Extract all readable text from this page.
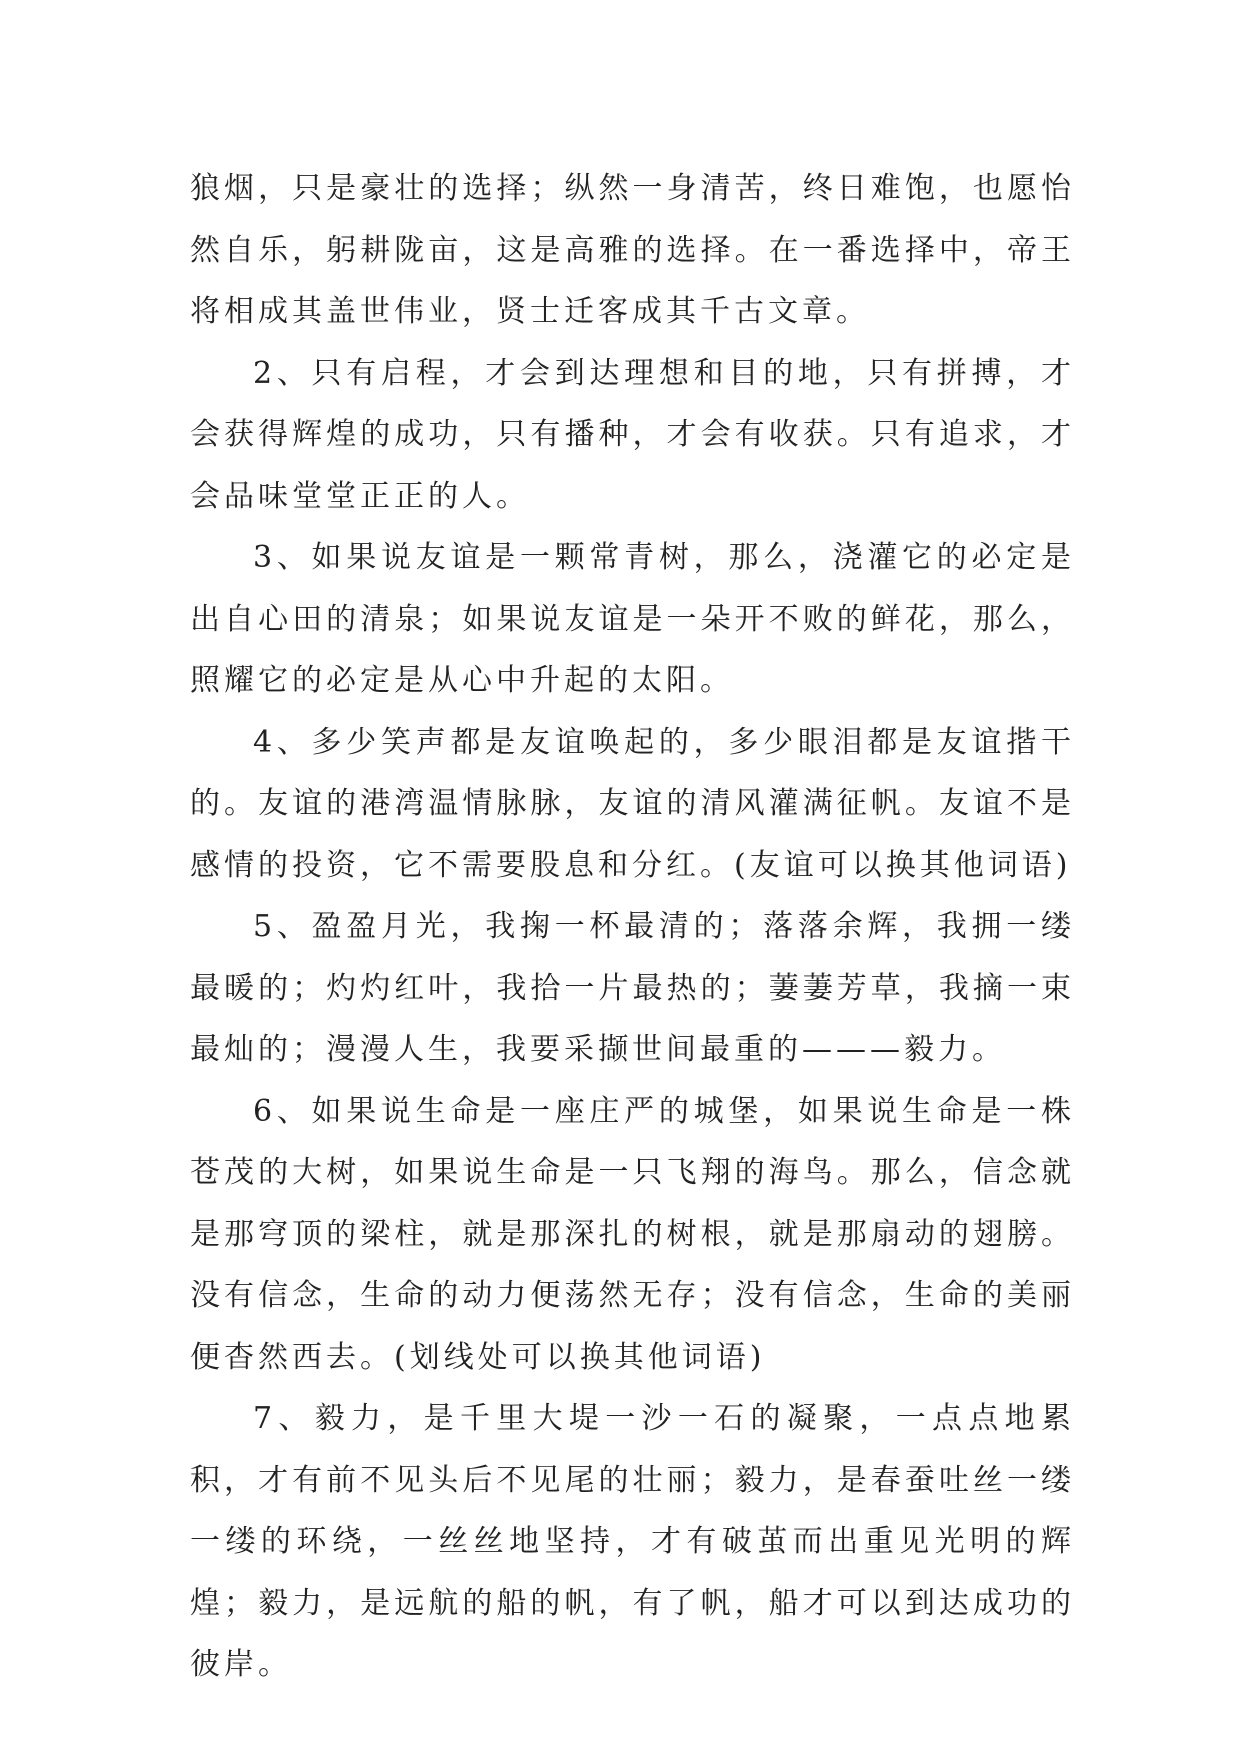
狼烟，只是豪壮的选择；纵然一身清苦，终日难饱，也愿怡然自乐，躬耕陇亩，这是高雅的选择。在一番选择中，帝王将相成其盖世伟业，贤士迁客成其千古文章。

2、只有启程，才会到达理想和目的地，只有拼搏，才会获得辉煌的成功，只有播种，才会有收获。只有追求，才会品味堂堂正正的人。

3、如果说友谊是一颗常青树，那么，浇灌它的必定是出自心田的清泉；如果说友谊是一朵开不败的鲜花，那么，照耀它的必定是从心中升起的太阳。

4、多少笑声都是友谊唤起的，多少眼泪都是友谊揩干的。友谊的港湾温情脉脉，友谊的清风灌满征帆。友谊不是感情的投资，它不需要股息和分红。(友谊可以换其他词语)

5、盈盈月光，我掬一杯最清的；落落余辉，我拥一缕最暖的；灼灼红叶，我拾一片最热的；萋萋芳草，我摘一束最灿的；漫漫人生，我要采撷世间最重的———毅力。

6、如果说生命是一座庄严的城堡，如果说生命是一株苍茂的大树，如果说生命是一只飞翔的海鸟。那么，信念就是那穹顶的梁柱，就是那深扎的树根，就是那扇动的翅膀。没有信念，生命的动力便荡然无存；没有信念，生命的美丽便杳然西去。(划线处可以换其他词语)

7、毅力，是千里大堤一沙一石的凝聚，一点点地累积，才有前不见头后不见尾的壮丽；毅力，是春蚕吐丝一缕一缕的环绕，一丝丝地坚持，才有破茧而出重见光明的辉煌；毅力，是远航的船的帆，有了帆，船才可以到达成功的彼岸。
